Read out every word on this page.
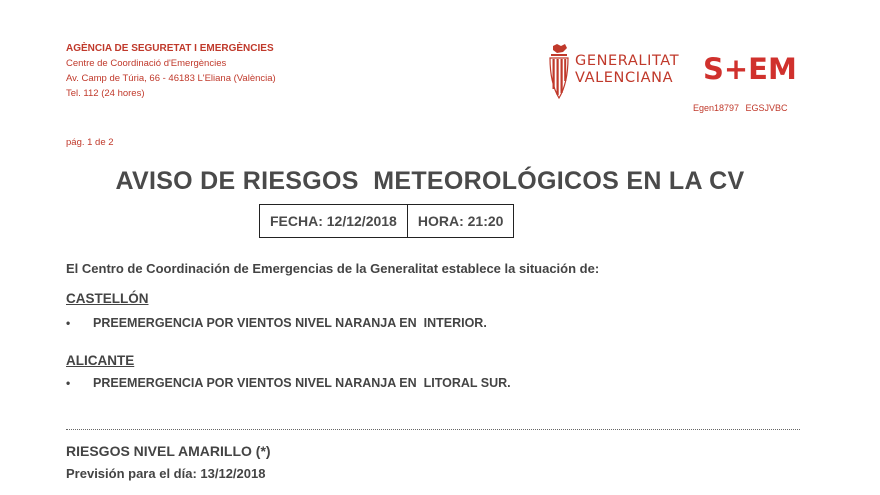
AGÈNCIA DE SEGURETAT I EMERGÈNCIES
Centre de Coordinació d'Emergències
Av. Camp de Túria, 66 - 46183 L'Eliana (València)
Tel. 112 (24 hores)
GENERALITAT
VALENCIANA S+EM
Egen18797 EGSJVBC
pág. 1 de 2
AVISO DE RIESGOS  METEOROLÓGICOS EN LA CV
FECHA: 12/12/2018	HORA: 21:20
El Centro de Coordinación de Emergencias de la Generalitat establece la situación de:
CASTELLÓN
•	PREEMERGENCIA POR VIENTOS NIVEL NARANJA EN  INTERIOR.
ALICANTE
•	PREEMERGENCIA POR VIENTOS NIVEL NARANJA EN  LITORAL SUR.
RIESGOS NIVEL AMARILLO (*)
Previsión para el día: 13/12/2018
